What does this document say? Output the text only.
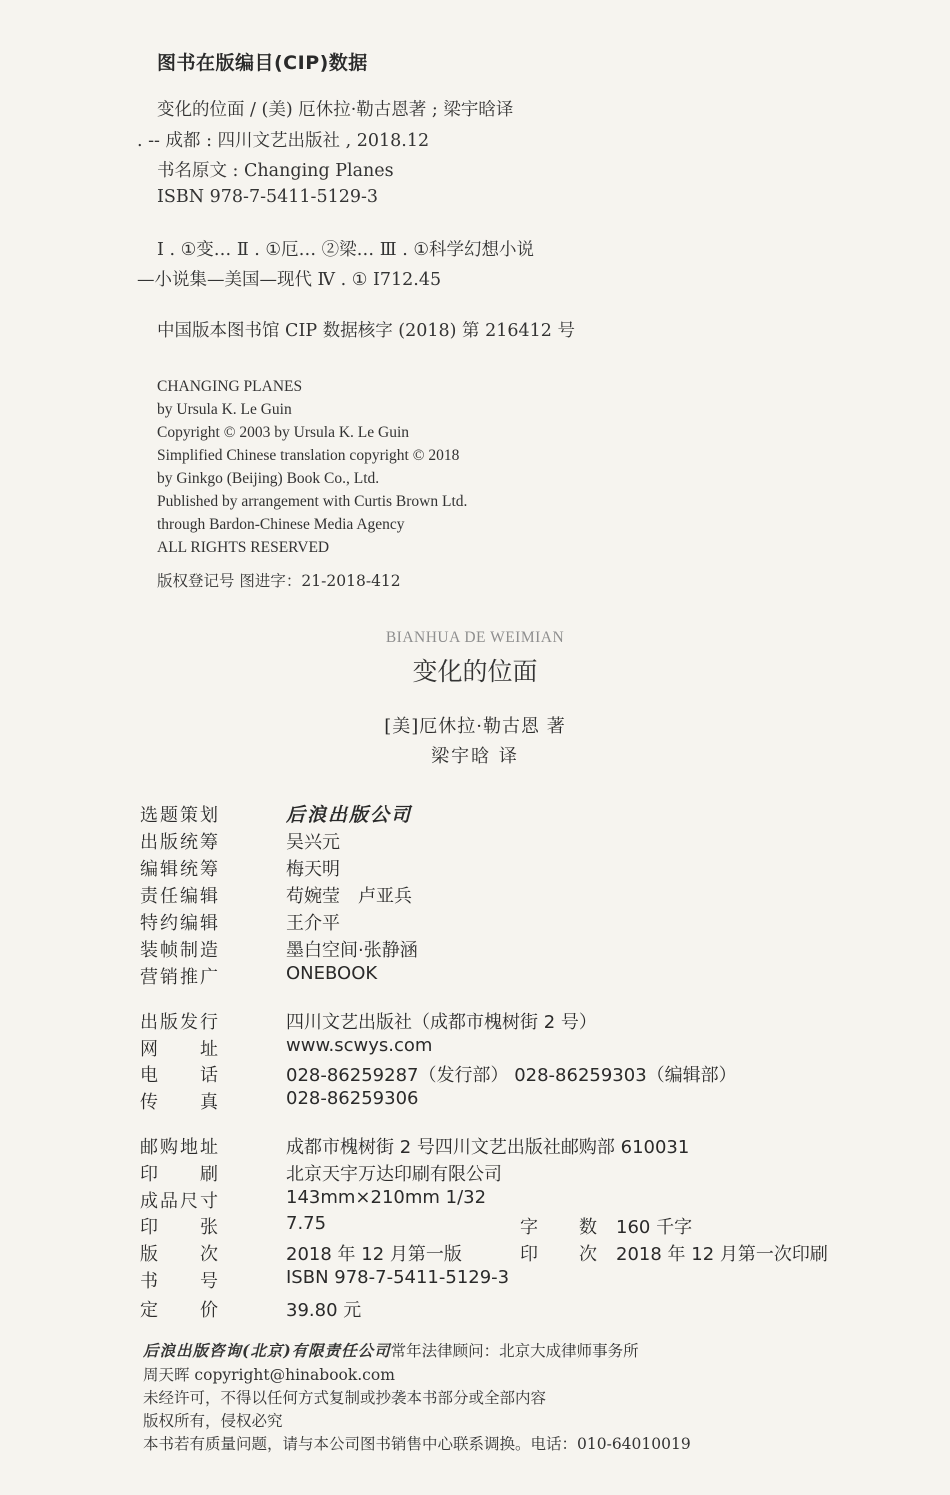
图书在版编目(CIP)数据
变化的位面 / (美) 厄休拉·勒古恩著 ; 梁宇晗译
. -- 成都 : 四川文艺出版社 , 2018.12
书名原文 : Changing Planes
ISBN 978-7-5411-5129-3
Ⅰ . ①变… Ⅱ . ①厄… ②梁… Ⅲ . ①科学幻想小说
—小说集—美国—现代 Ⅳ . ① I712.45
中国版本图书馆 CIP 数据核字 (2018) 第 216412 号
CHANGING PLANES
by Ursula K. Le Guin
Copyright © 2003 by Ursula K. Le Guin
Simplified Chinese translation copyright © 2018
by Ginkgo (Beijing) Book Co., Ltd.
Published by arrangement with Curtis Brown Ltd.
through Bardon-Chinese Media Agency
ALL RIGHTS RESERVED
版权登记号 图进字：21-2018-412
BIANHUA DE WEIMIAN
变化的位面
[美]厄休拉·勒古恩 著
梁宇晗 译
选题策划	后浪出版公司
出版统筹	吴兴元
编辑统筹	梅天明
责任编辑	苟婉莹　卢亚兵
特约编辑	王介平
装帧制造	墨白空间·张静涵
营销推广	ONEBOOK
出版发行	四川文艺出版社（成都市槐树街 2 号）
网址	www.scwys.com
电话	028-86259287（发行部） 028-86259303（编辑部）
传真	028-86259306
邮购地址	成都市槐树街 2 号四川文艺出版社邮购部 610031
印刷	北京天宇万达印刷有限公司
成品尺寸	143mm×210mm 1/32
印张	7.75	字数 160 千字
版次	2018 年 12 月第一版	印次 2018 年 12 月第一次印刷
书号	ISBN 978-7-5411-5129-3
定价	39.80 元
后浪出版咨询(北京)有限责任公司常年法律顾问：北京大成律师事务所
周天晖 copyright@hinabook.com
未经许可，不得以任何方式复制或抄袭本书部分或全部内容
版权所有，侵权必究
本书若有质量问题，请与本公司图书销售中心联系调换。电话：010-64010019
